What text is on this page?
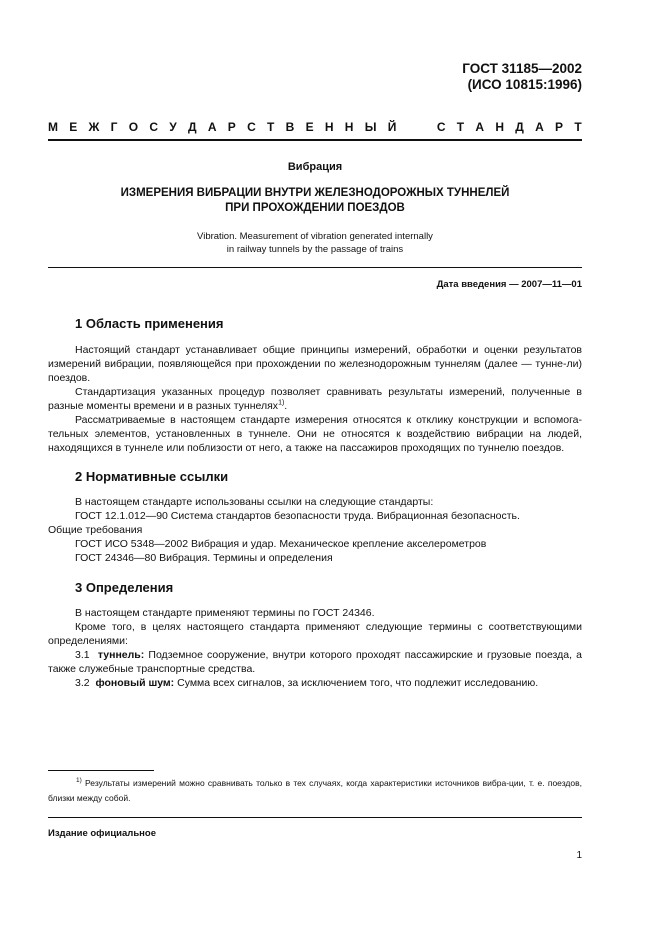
ГОСТ 31185—2002
(ИСО 10815:1996)
М Е Ж Г О С У Д А Р С Т В Е Н Н Ы Й

	С Т А Н Д А Р Т
Вибрация
ИЗМЕРЕНИЯ ВИБРАЦИИ ВНУТРИ ЖЕЛЕЗНОДОРОЖНЫХ ТУННЕЛЕЙ
ПРИ ПРОХОЖДЕНИИ ПОЕЗДОВ
Vibration. Measurement of vibration generated internally
in railway tunnels by the passage of trains
Дата введения — 2007—11—01
1 Область применения

Настоящий стандарт устанавливает общие принципы измерений, обработки и оценки результатов измерений вибрации, появляющейся при прохождении по железнодорожным туннелям (далее — тунне-ли) поездов.

Стандартизация указанных процедур позволяет сравнивать результаты измерений, полученные в разные моменты времени и в разных туннелях$^{1)}$.

Рассматриваемые в настоящем стандарте измерения относятся к отклику конструкции и вспомога-тельных элементов, установленных в туннеле. Они не относятся к воздействию вибрации на людей, находящихся в туннеле или поблизости от него, а также на пассажиров проходящих по туннелю поездов.

2 Нормативные ссылки

В настоящем стандарте использованы ссылки на следующие стандарты:

ГОСТ 12.1.012—90 Система стандартов безопасности труда. Вибрационная безопасность.

Общие требования

ГОСТ ИСО 5348—2002 Вибрация и удар. Механическое крепление акселерометров

ГОСТ 24346—80 Вибрация. Термины и определения

3 Определения

В настоящем стандарте применяют термины по ГОСТ 24346.

Кроме того, в целях настоящего стандарта применяют следующие термины с соответствующими определениями:

3.1 туннель: Подземное сооружение, внутри которого проходят пассажирские и грузовые поезда, а также служебные транспортные средства.

3.2 фоновый шум: Сумма всех сигналов, за исключением того, что подлежит исследованию.

$^{1)}$ Результаты измерений можно сравнивать только в тех случаях, когда характеристики источников вибра-ции, т. е. поездов, близки между собой.

Издание официальное
1
